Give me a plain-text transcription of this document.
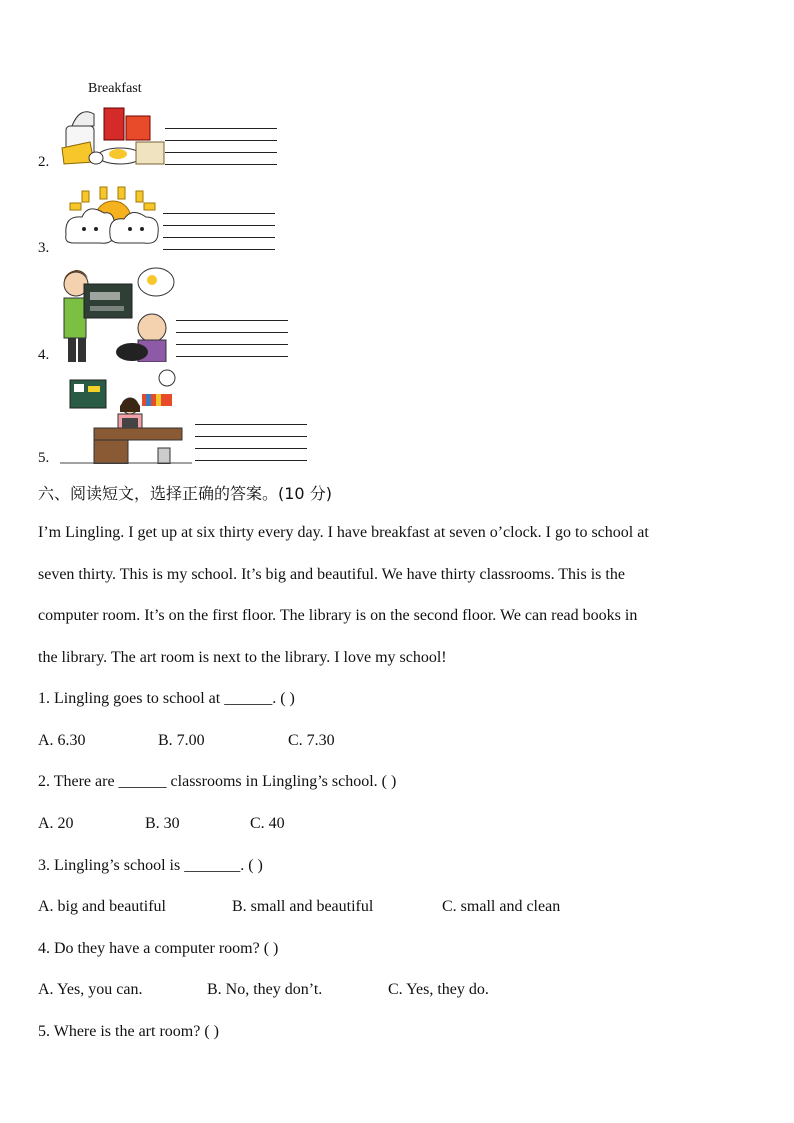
Breakfast
2.
3.
4.
5.
六、阅读短文，选择正确的答案。(10 分)
I’m Lingling. I get up at six thirty every day. I have breakfast at seven o’clock. I go to school at
seven thirty. This is my school. It’s big and beautiful. We have thirty classrooms. This is the
computer room. It’s on the first floor. The library is on the second floor. We can read books in
the library. The art room is next to the library. I love my school!
1. Lingling goes to school at ______. ( )
A. 6.30	B. 7.00	C. 7.30
2. There are ______ classrooms in Lingling’s school. ( )
A. 20	B. 30	C. 40
3. Lingling’s school is _______. ( )
A. big and beautiful	B. small and beautiful	C. small and clean
4. Do they have a computer room? ( )
A. Yes, you can.	B. No, they don’t.	C. Yes, they do.
5. Where is the art room? ( )
